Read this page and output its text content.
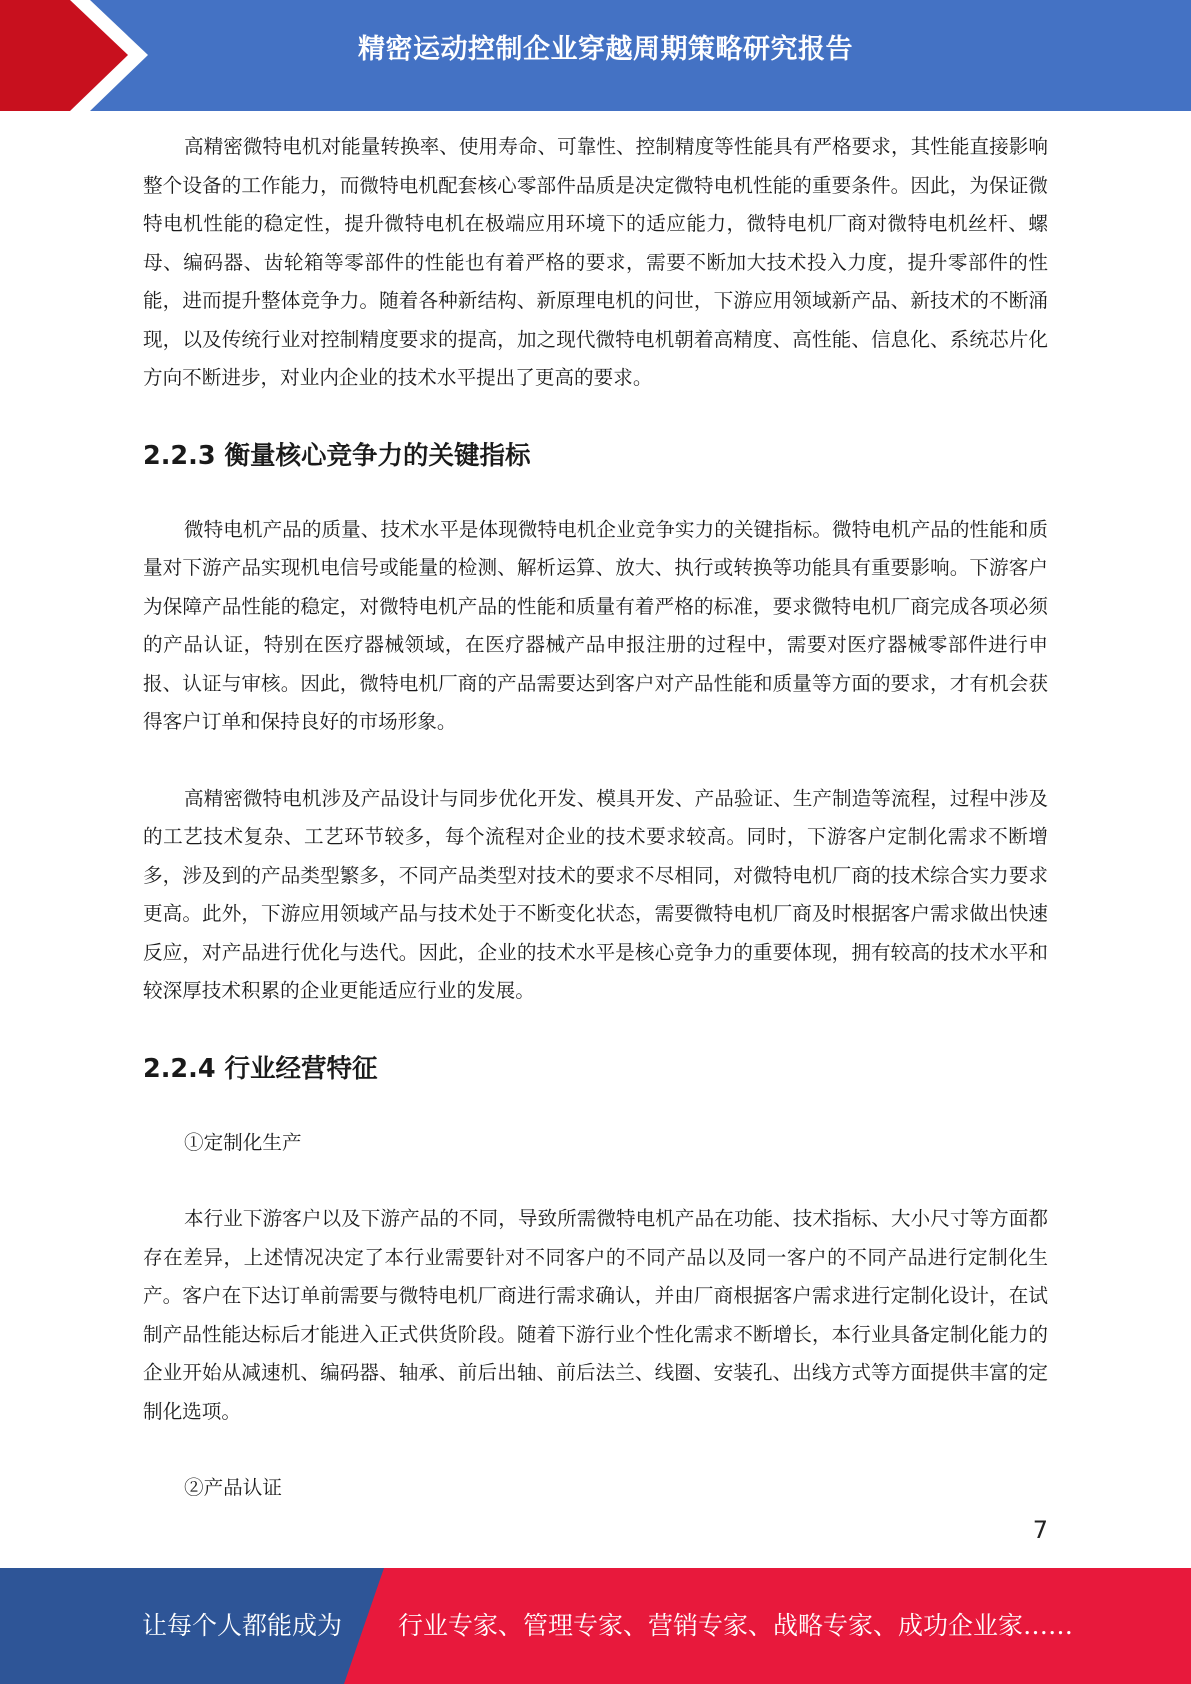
精密运动控制企业穿越周期策略研究报告

高精密微特电机对能量转换率、使用寿命、可靠性、控制精度等性能具有严格要求，其性能直接影响整个设备的工作能力，而微特电机配套核心零部件品质是决定微特电机性能的重要条件。因此，为保证微特电机性能的稳定性，提升微特电机在极端应用环境下的适应能力，微特电机厂商对微特电机丝杆、螺母、编码器、齿轮箱等零部件的性能也有着严格的要求，需要不断加大技术投入力度，提升零部件的性能，进而提升整体竞争力。随着各种新结构、新原理电机的问世，下游应用领域新产品、新技术的不断涌现，以及传统行业对控制精度要求的提高，加之现代微特电机朝着高精度、高性能、信息化、系统芯片化方向不断进步，对业内企业的技术水平提出了更高的要求。

2.2.3 衡量核心竞争力的关键指标

微特电机产品的质量、技术水平是体现微特电机企业竞争实力的关键指标。微特电机产品的性能和质量对下游产品实现机电信号或能量的检测、解析运算、放大、执行或转换等功能具有重要影响。下游客户为保障产品性能的稳定，对微特电机产品的性能和质量有着严格的标准，要求微特电机厂商完成各项必须的产品认证，特别在医疗器械领域，在医疗器械产品申报注册的过程中，需要对医疗器械零部件进行申报、认证与审核。因此，微特电机厂商的产品需要达到客户对产品性能和质量等方面的要求，才有机会获得客户订单和保持良好的市场形象。

高精密微特电机涉及产品设计与同步优化开发、模具开发、产品验证、生产制造等流程，过程中涉及的工艺技术复杂、工艺环节较多，每个流程对企业的技术要求较高。同时，下游客户定制化需求不断增多，涉及到的产品类型繁多，不同产品类型对技术的要求不尽相同，对微特电机厂商的技术综合实力要求更高。此外，下游应用领域产品与技术处于不断变化状态，需要微特电机厂商及时根据客户需求做出快速反应，对产品进行优化与迭代。因此，企业的技术水平是核心竞争力的重要体现，拥有较高的技术水平和较深厚技术积累的企业更能适应行业的发展。

2.2.4 行业经营特征

①定制化生产

本行业下游客户以及下游产品的不同，导致所需微特电机产品在功能、技术指标、大小尺寸等方面都存在差异，上述情况决定了本行业需要针对不同客户的不同产品以及同一客户的不同产品进行定制化生产。客户在下达订单前需要与微特电机厂商进行需求确认，并由厂商根据客户需求进行定制化设计，在试制产品性能达标后才能进入正式供货阶段。随着下游行业个性化需求不断增长，本行业具备定制化能力的企业开始从减速机、编码器、轴承、前后出轴、前后法兰、线圈、安装孔、出线方式等方面提供丰富的定制化选项。

②产品认证

7
让每个人都能成为 行业专家、管理专家、营销专家、战略专家、成功企业家……
